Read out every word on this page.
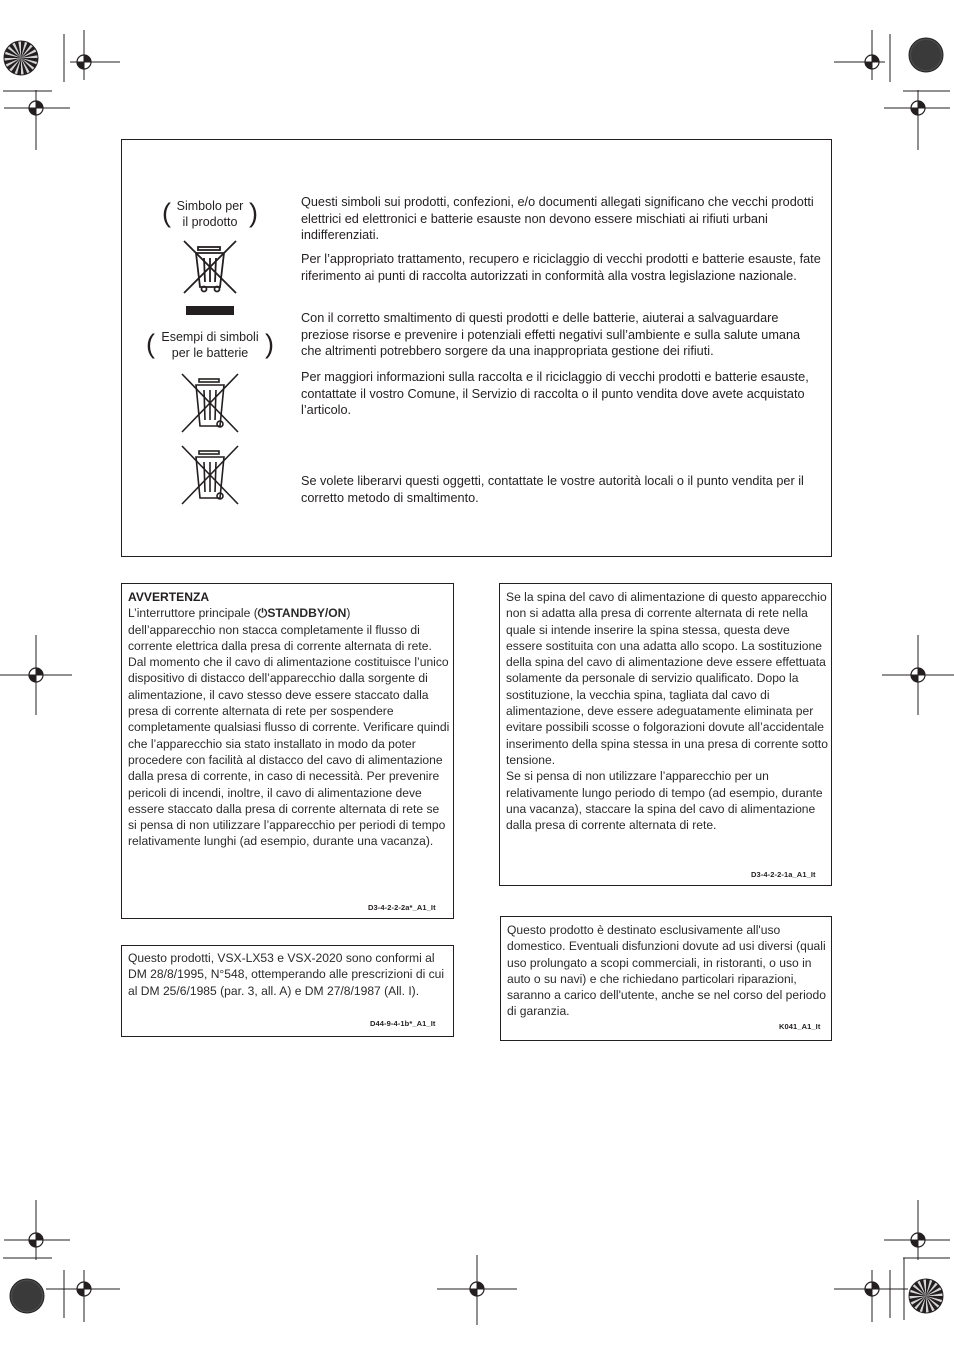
( Simbolo per
il prodotto )
( Esempi di simboli
per le batterie )

Questi simboli sui prodotti, confezioni, e/o documenti allegati significano che vecchi prodotti elettrici ed elettronici e batterie esauste non devono essere mischiati ai rifiuti urbani indifferenziati.

Per l’appropriato trattamento, recupero e riciclaggio di vecchi prodotti e batterie esauste, fate riferimento ai punti di raccolta autorizzati in conformità alla vostra legislazione nazionale.

Con il corretto smaltimento di questi prodotti e delle batterie, aiuterai a salvaguardare preziose risorse e prevenire i potenziali effetti negativi sull’ambiente e sulla salute umana che altrimenti potrebbero sorgere da una inappropriata gestione dei rifiuti.

Per maggiori informazioni sulla raccolta e il riciclaggio di vecchi prodotti e batterie esauste, contattate il vostro Comune, il Servizio di raccolta o il punto vendita dove avete acquistato l’articolo.

Se volete liberarvi questi oggetti, contattate le vostre autorità locali o il punto vendita per il corretto metodo di smaltimento.

AVVERTENZA
L’interruttore principale (⏻STANDBY/ON)

dell’apparecchio non stacca completamente il flusso di corrente elettrica dalla presa di corrente alternata di rete. Dal momento che il cavo di alimentazione costituisce l’unico dispositivo di distacco dell’apparecchio dalla sorgente di alimentazione, il cavo stesso deve essere staccato dalla presa di corrente alternata di rete per sospendere completamente qualsiasi flusso di corrente. Verificare quindi che l’apparecchio sia stato installato in modo da poter procedere con facilità al distacco del cavo di alimentazione dalla presa di corrente, in caso di necessità. Per prevenire pericoli di incendi, inoltre, il cavo di alimentazione deve essere staccato dalla presa di corrente alternata di rete se si pensa di non utilizzare l’apparecchio per periodi di tempo relativamente lunghi (ad esempio, durante una vacanza).

D3-4-2-2-2a*_A1_It

Se la spina del cavo di alimentazione di questo apparecchio non si adatta alla presa di corrente alternata di rete nella quale si intende inserire la spina stessa, questa deve essere sostituita con una adatta allo scopo. La sostituzione della spina del cavo di alimentazione deve essere effettuata solamente da personale di servizio qualificato. Dopo la sostituzione, la vecchia spina, tagliata dal cavo di alimentazione, deve essere adeguatamente eliminata per evitare possibili scosse o folgorazioni dovute all’accidentale inserimento della spina stessa in una presa di corrente sotto tensione.

Se si pensa di non utilizzare l’apparecchio per un relativamente lungo periodo di tempo (ad esempio, durante una vacanza), staccare la spina del cavo di alimentazione dalla presa di corrente alternata di rete.

D3-4-2-2-1a_A1_It
Questo prodotti, VSX-LX53 e VSX-2020 sono conformi al DM 28/8/1995, N°548, ottemperando alle prescrizioni di cui al DM 25/6/1985 (par. 3, all. A) e DM 27/8/1987 (All. I).
D44-9-4-1b*_A1_It
Questo prodotto è destinato esclusivamente all'uso domestico. Eventuali disfunzioni dovute ad usi diversi (quali uso prolungato a scopi commerciali, in ristoranti, o uso in auto o su navi) e che richiedano particolari riparazioni, saranno a carico dell'utente, anche se nel corso del periodo di garanzia.
K041_A1_It
